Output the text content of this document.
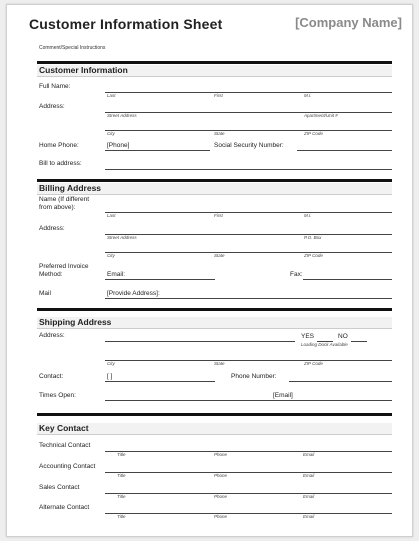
Customer Information Sheet	[Company Name]
Comment/Special Instructions
Customer Information
Full Name:
Last	First	M.I.
Address:
Street Address	Apartment/Unit #
City	State	ZIP Code
Home Phone:	[Phone]	Social Security Number:
Bill to address:
Billing Address
Name (If different
from above):
Last	First	M.I.
Address:
Street Address	P.O. Box
City	State	ZIP Code
Preferred Invoice
Method:	Email:	Fax:
Mail	[Provide Address]:
Shipping Address
Address:	YES	NO
Loading Dock Available
City	State	ZIP Code
Contact:	[ ]	Phone Number:
Times Open:	[Email]
Key Contact
Technical Contact
Title	Phone	Email
Accounting Contact
Title	Phone	Email
Sales Contact
Title	Phone	Email
Alternate Contact
Title	Phone	Email
